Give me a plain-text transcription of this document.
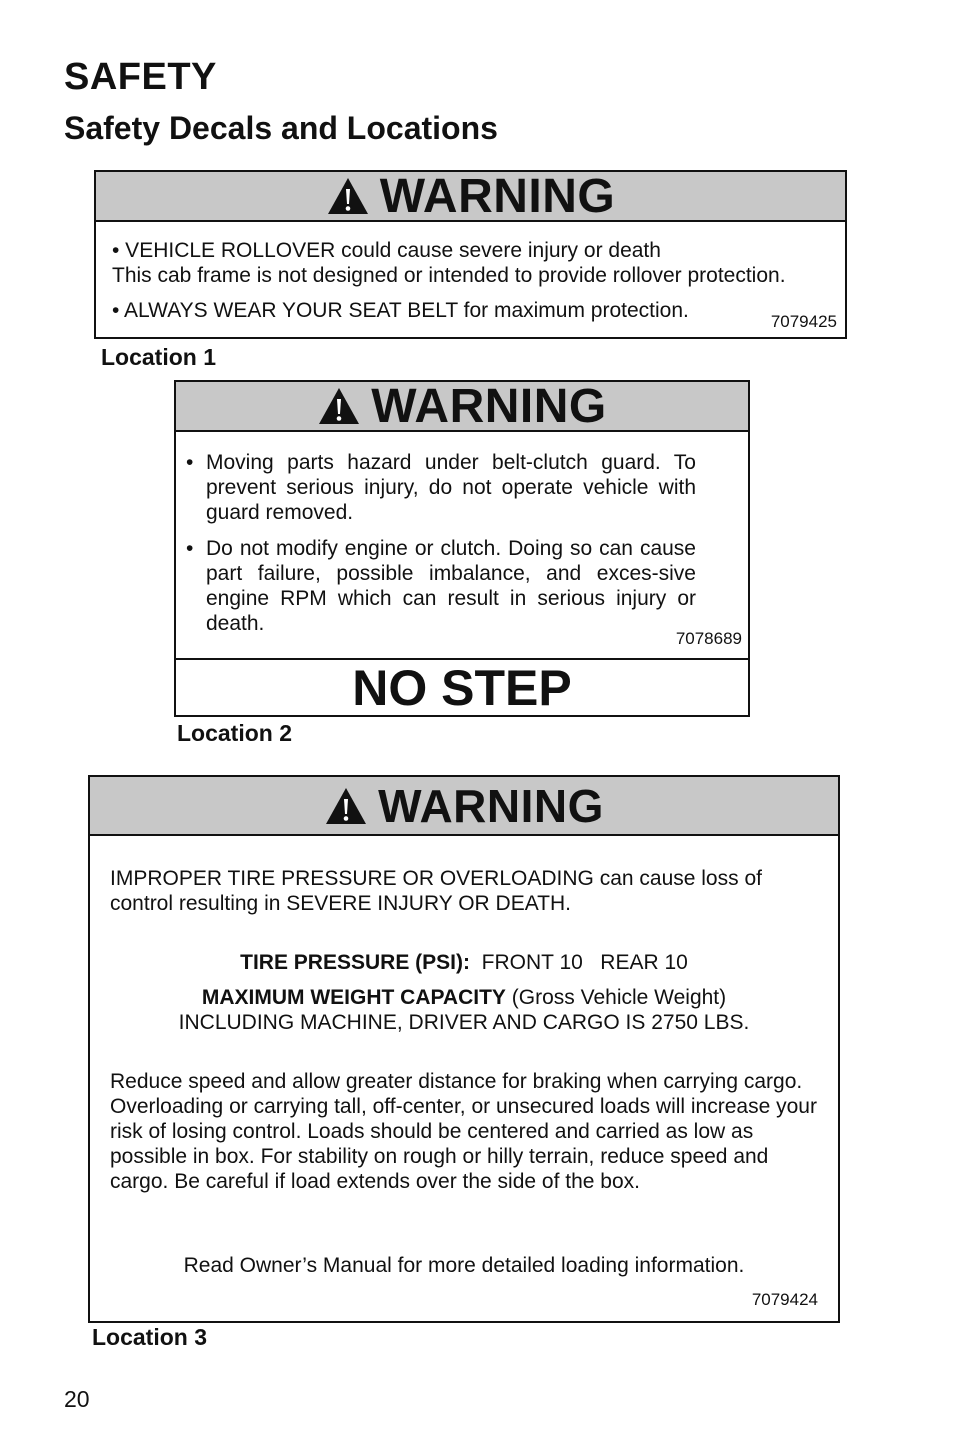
SAFETY
Safety Decals and Locations
WARNING
• VEHICLE ROLLOVER could cause severe injury or death
This cab frame is not designed or intended to provide rollover protection.
• ALWAYS WEAR YOUR SEAT BELT for maximum protection.	7079425
Location 1
WARNING
• Moving parts hazard under belt-clutch guard. To prevent serious injury, do not operate vehicle with guard removed.
• Do not modify engine or clutch. Doing so can cause part failure, possible imbalance, and exces-sive engine RPM which can result in serious injury or death.
7078689
NO STEP
Location 2
WARNING
IMPROPER TIRE PRESSURE OR OVERLOADING can cause loss of control resulting in SEVERE INJURY OR DEATH.
TIRE PRESSURE (PSI): FRONT 10   REAR 10
MAXIMUM WEIGHT CAPACITY (Gross Vehicle Weight)
INCLUDING MACHINE, DRIVER AND CARGO IS 2750 LBS.
Reduce speed and allow greater distance for braking when carrying cargo. Overloading or carrying tall, off-center, or unsecured loads will increase your risk of losing control. Loads should be centered and carried as low as possible in box. For stability on rough or hilly terrain, reduce speed and cargo. Be careful if load extends over the side of the box.
Read Owner’s Manual for more detailed loading information.
7079424
Location 3
20
